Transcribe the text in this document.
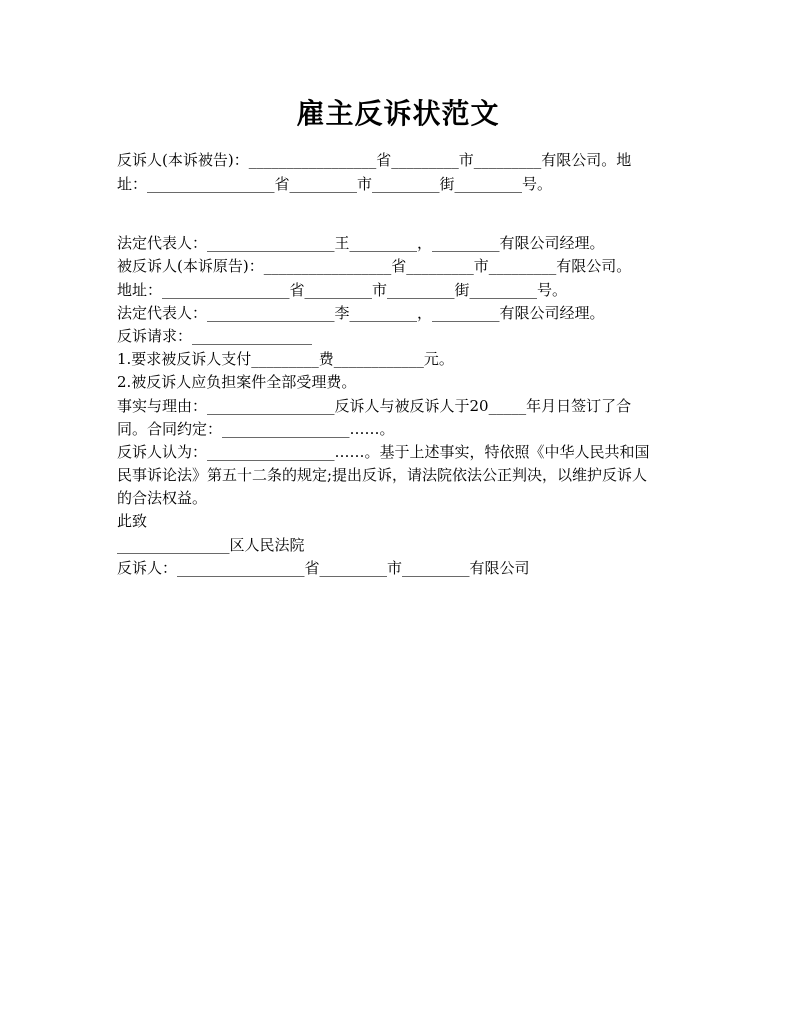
雇主反诉状范文
反诉人(本诉被告)：_________________省_________市_________有限公司。地
址：_________________省_________市_________街_________号。
法定代表人：_________________王_________，_________有限公司经理。
被反诉人(本诉原告)：_________________省_________市_________有限公司。
地址：_________________省_________市_________街_________号。
法定代表人：_________________李_________，_________有限公司经理。
反诉请求：________________
1.要求被反诉人支付_________费____________元。
2.被反诉人应负担案件全部受理费。
事实与理由：_________________反诉人与被反诉人于20_____年月日签订了合
同。合同约定：_________________……。
反诉人认为：_________________……。基于上述事实，特依照《中华人民共和国
民事诉论法》第五十二条的规定;提出反诉，请法院依法公正判决，以维护反诉人
的合法权益。
此致
_______________区人民法院
反诉人：_________________省_________市_________有限公司
